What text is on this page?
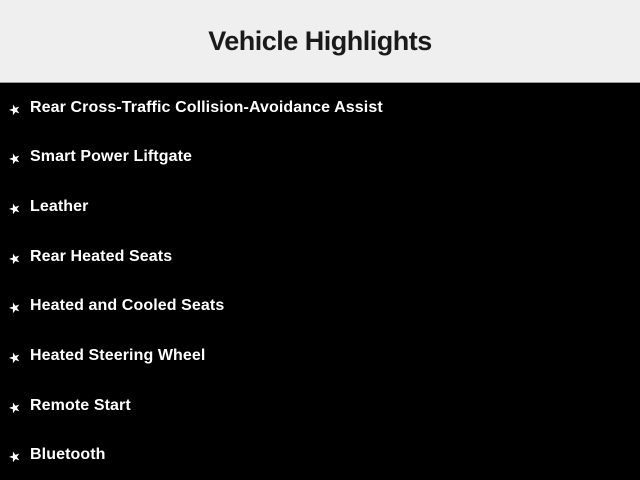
Vehicle Highlights
★ Rear Cross-Traffic Collision-Avoidance Assist
★ Smart Power Liftgate
★ Leather
★ Rear Heated Seats
★ Heated and Cooled Seats
★ Heated Steering Wheel
★ Remote Start
★ Bluetooth
